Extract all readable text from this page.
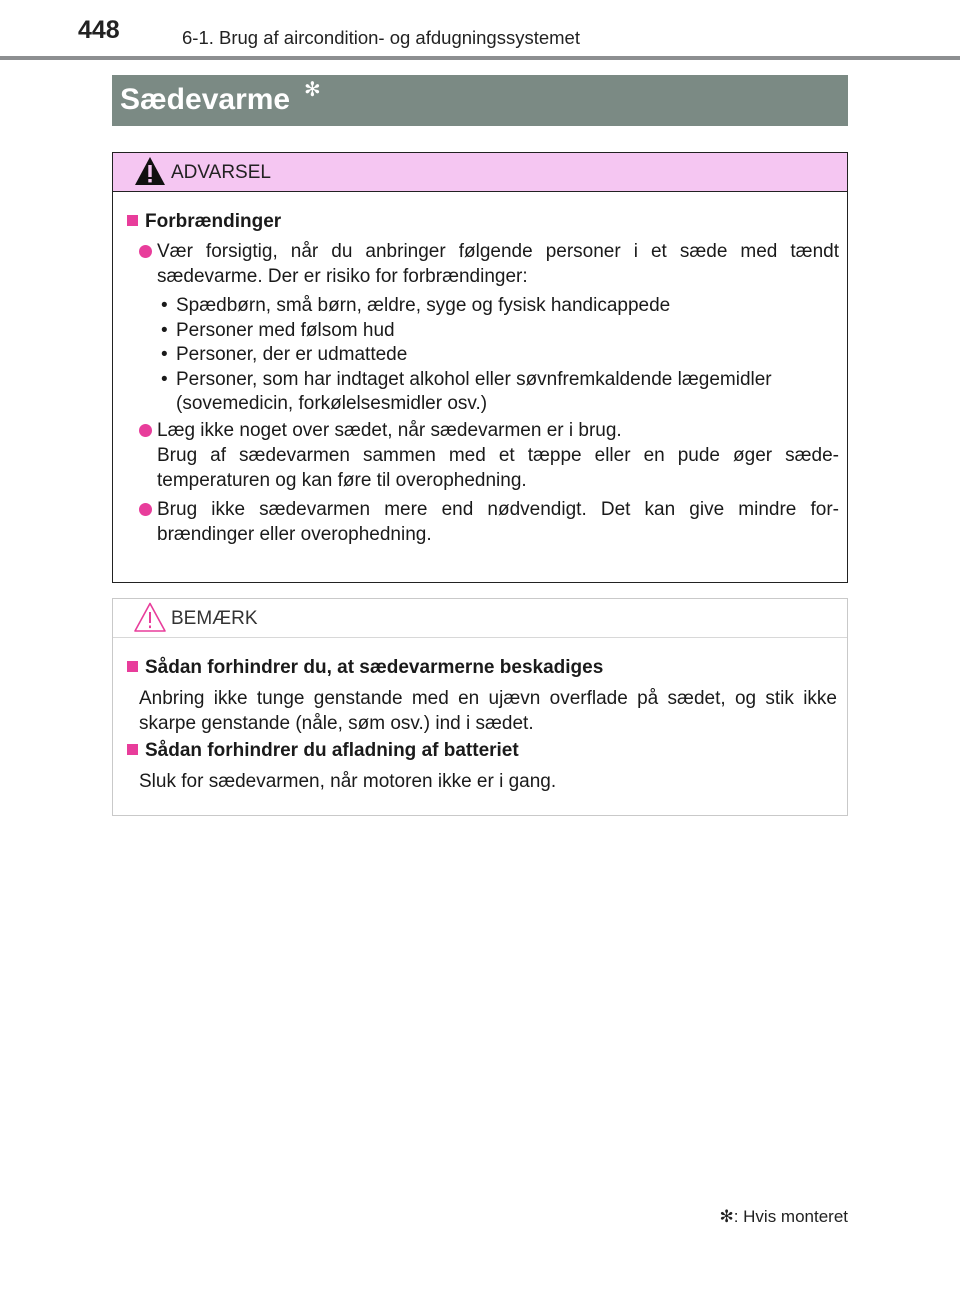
448	6-1. Brug af aircondition- og afdugningssystemet
Sædevarme ✻
ADVARSEL
Forbrændinger
Vær forsigtig, når du anbringer følgende personer i et sæde med tændt sædevarme. Der er risiko for forbrændinger:
• Spædbørn, små børn, ældre, syge og fysisk handicappede
• Personer med følsom hud
• Personer, der er udmattede
• Personer, som har indtaget alkohol eller søvnfremkaldende lægemidler (sovemedicin, forkølelsesmidler osv.)
Læg ikke noget over sædet, når sædevarmen er i brug.
Brug af sædevarmen sammen med et tæppe eller en pude øger sæde-temperaturen og kan føre til overophedning.
Brug ikke sædevarmen mere end nødvendigt. Det kan give mindre for-brændinger eller overophedning.
BEMÆRK
Sådan forhindrer du, at sædevarmerne beskadiges
Anbring ikke tunge genstande med en ujævn overflade på sædet, og stik ikke skarpe genstande (nåle, søm osv.) ind i sædet.
Sådan forhindrer du afladning af batteriet
Sluk for sædevarmen, når motoren ikke er i gang.
✻: Hvis monteret
